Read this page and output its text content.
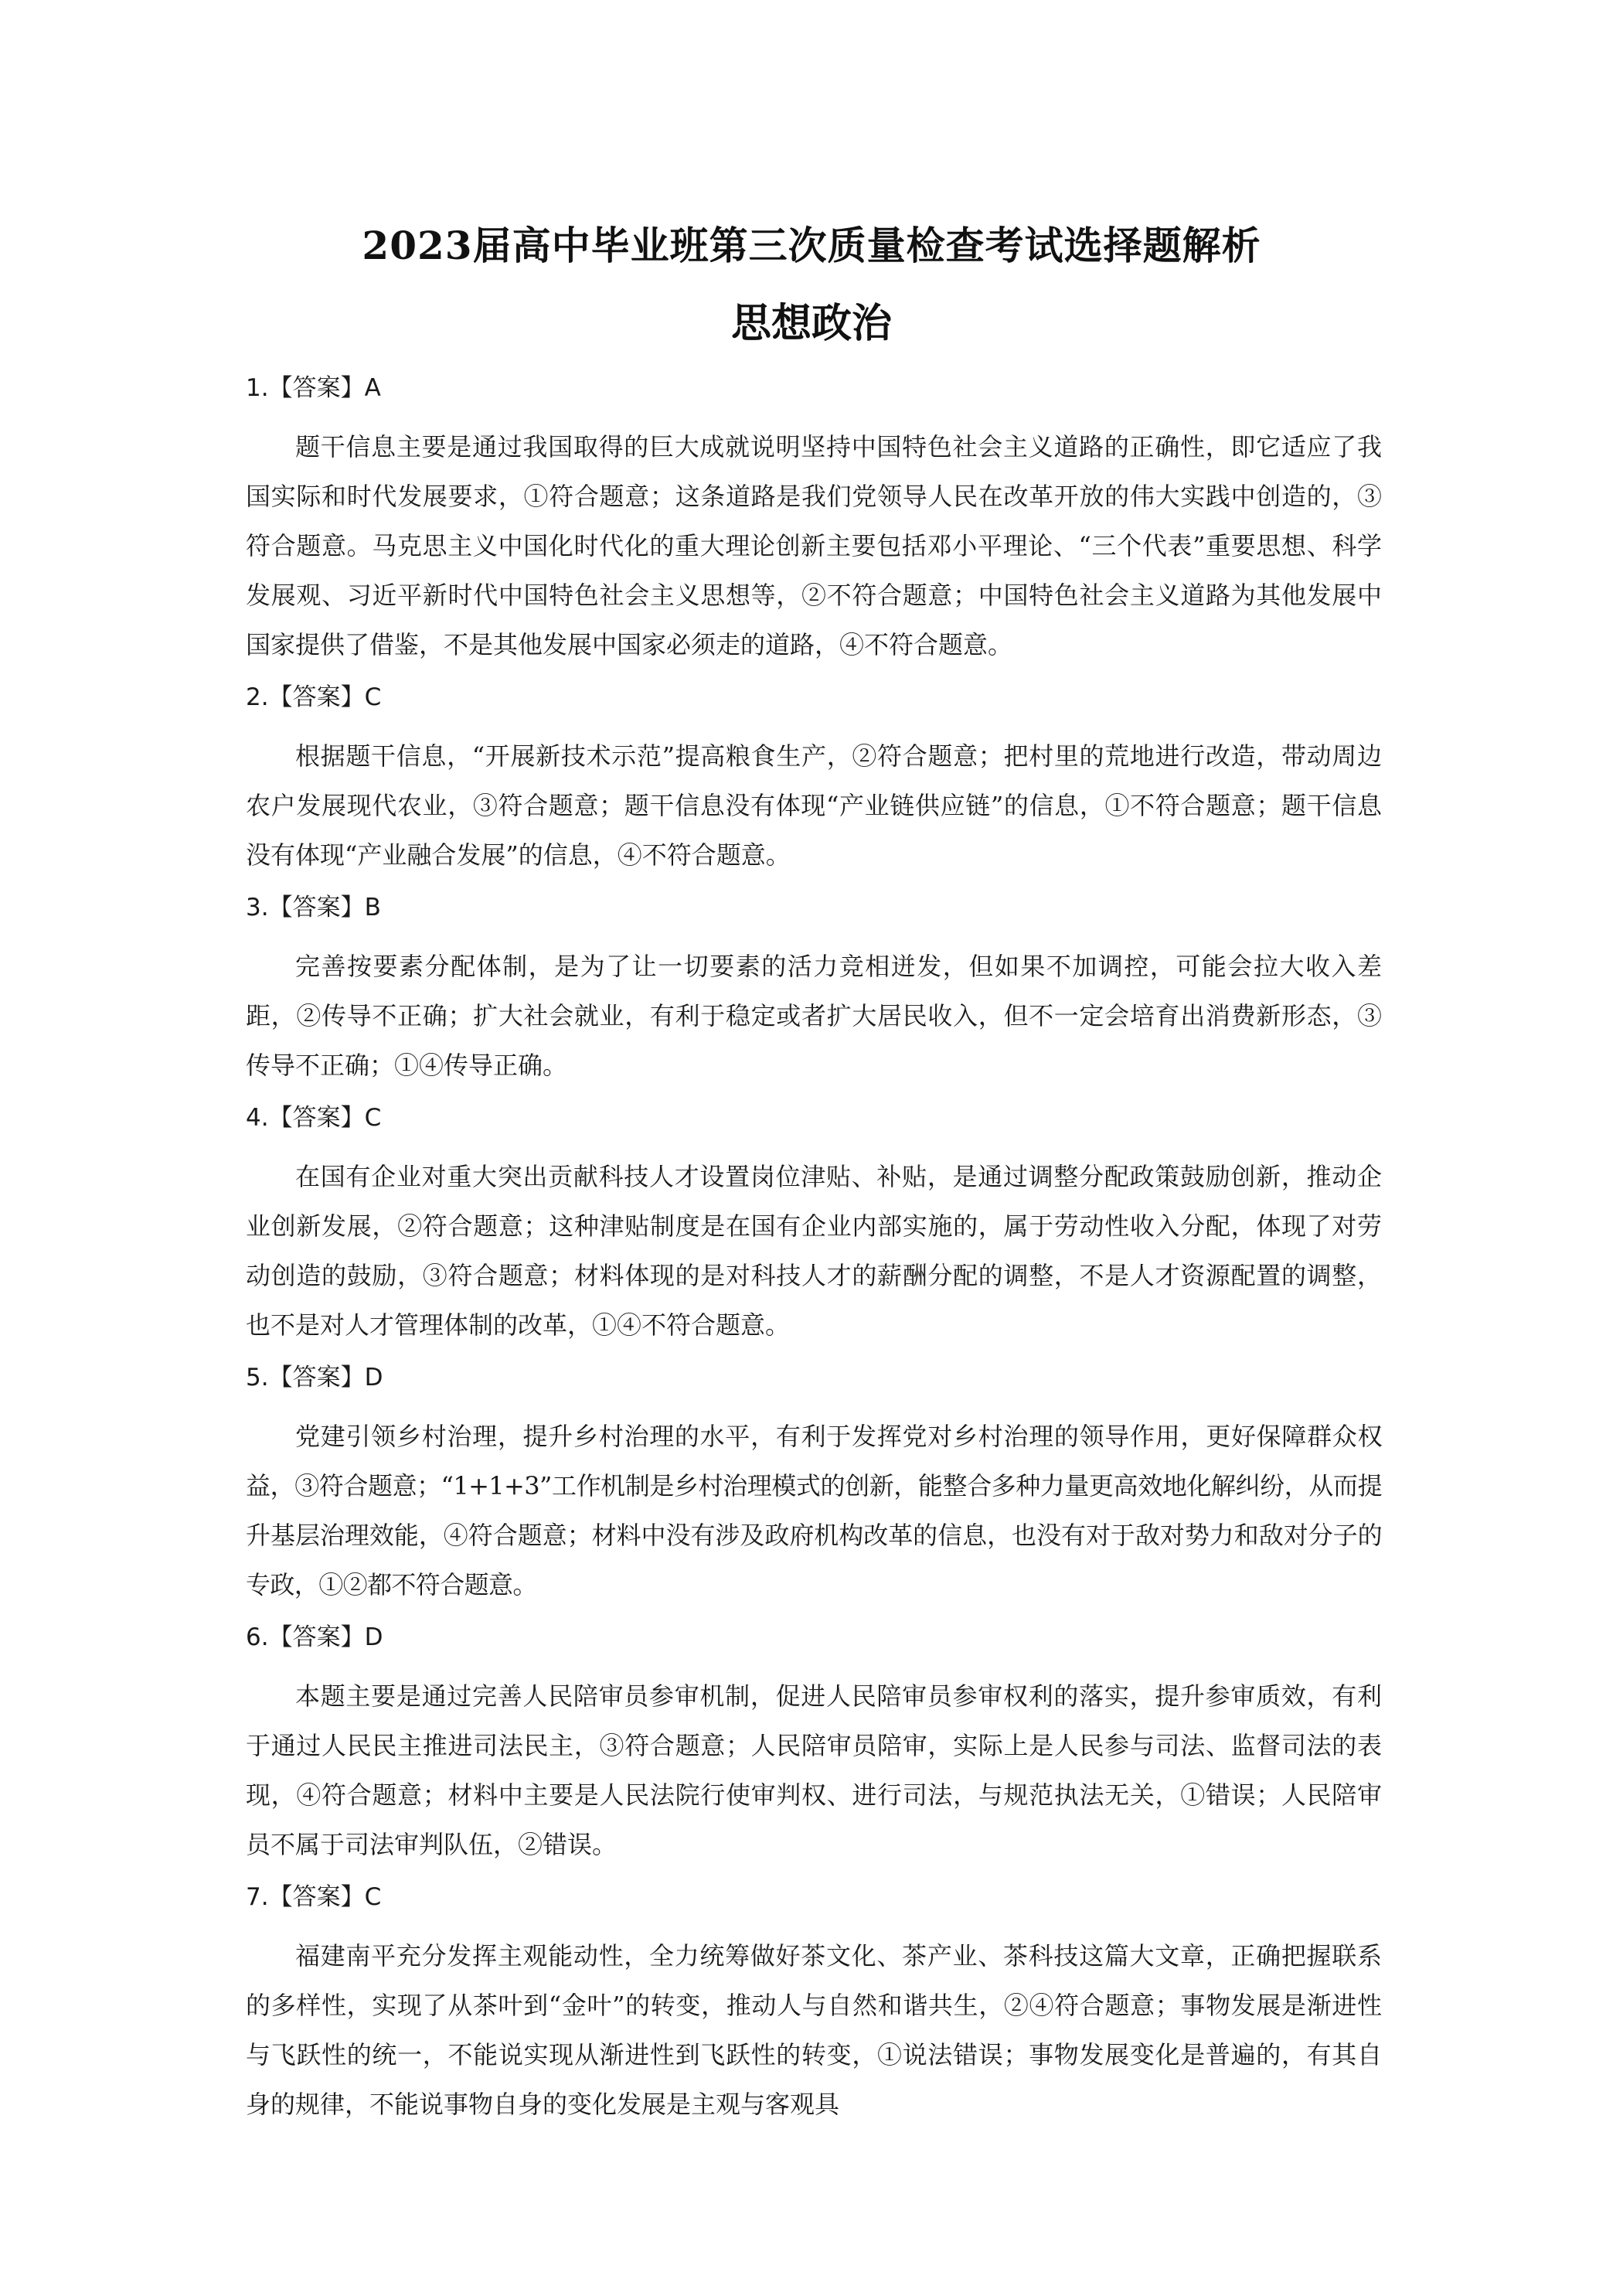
2023届高中毕业班第三次质量检查考试选择题解析
思想政治
1.【答案】A
题干信息主要是通过我国取得的巨大成就说明坚持中国特色社会主义道路的正确性，即它适应了我国实际和时代发展要求，①符合题意；这条道路是我们党领导人民在改革开放的伟大实践中创造的，③符合题意。马克思主义中国化时代化的重大理论创新主要包括邓小平理论、“三个代表”重要思想、科学发展观、习近平新时代中国特色社会主义思想等，②不符合题意；中国特色社会主义道路为其他发展中国家提供了借鉴，不是其他发展中国家必须走的道路，④不符合题意。
2.【答案】C
根据题干信息，“开展新技术示范”提高粮食生产，②符合题意；把村里的荒地进行改造，带动周边农户发展现代农业，③符合题意；题干信息没有体现“产业链供应链”的信息，①不符合题意；题干信息没有体现“产业融合发展”的信息，④不符合题意。
3.【答案】B
完善按要素分配体制，是为了让一切要素的活力竞相迸发，但如果不加调控，可能会拉大收入差距，②传导不正确；扩大社会就业，有利于稳定或者扩大居民收入，但不一定会培育出消费新形态，③传导不正确；①④传导正确。
4.【答案】C
在国有企业对重大突出贡献科技人才设置岗位津贴、补贴，是通过调整分配政策鼓励创新，推动企业创新发展，②符合题意；这种津贴制度是在国有企业内部实施的，属于劳动性收入分配，体现了对劳动创造的鼓励，③符合题意；材料体现的是对科技人才的薪酬分配的调整，不是人才资源配置的调整，也不是对人才管理体制的改革，①④不符合题意。
5.【答案】D
党建引领乡村治理，提升乡村治理的水平，有利于发挥党对乡村治理的领导作用，更好保障群众权益，③符合题意；“1+1+3”工作机制是乡村治理模式的创新，能整合多种力量更高效地化解纠纷，从而提升基层治理效能，④符合题意；材料中没有涉及政府机构改革的信息，也没有对于敌对势力和敌对分子的专政，①②都不符合题意。
6.【答案】D
本题主要是通过完善人民陪审员参审机制，促进人民陪审员参审权利的落实，提升参审质效，有利于通过人民民主推进司法民主，③符合题意；人民陪审员陪审，实际上是人民参与司法、监督司法的表现，④符合题意；材料中主要是人民法院行使审判权、进行司法，与规范执法无关，①错误；人民陪审员不属于司法审判队伍，②错误。
7.【答案】C
福建南平充分发挥主观能动性，全力统筹做好茶文化、茶产业、茶科技这篇大文章，正确把握联系的多样性，实现了从茶叶到“金叶”的转变，推动人与自然和谐共生，②④符合题意；事物发展是渐进性与飞跃性的统一，不能说实现从渐进性到飞跃性的转变，①说法错误；事物发展变化是普遍的，有其自身的规律，不能说事物自身的变化发展是主观与客观具
